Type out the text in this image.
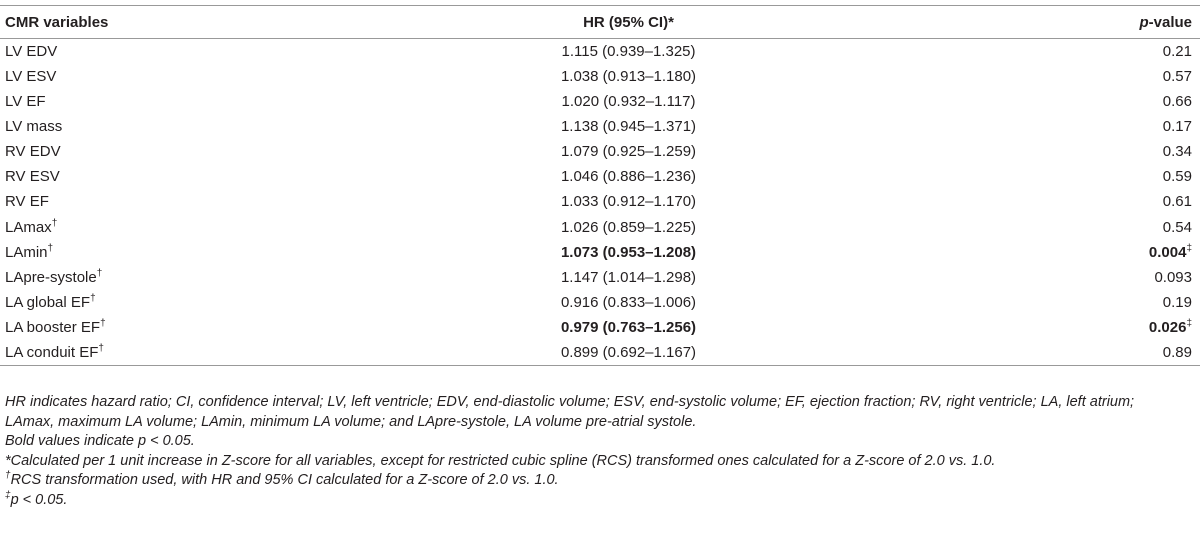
CMR variables	HR (95% CI)*	p-value
LV EDV	1.115 (0.939–1.325)	0.21
LV ESV	1.038 (0.913–1.180)	0.57
LV EF	1.020 (0.932–1.117)	0.66
LV mass	1.138 (0.945–1.371)	0.17
RV EDV	1.079 (0.925–1.259)	0.34
RV ESV	1.046 (0.886–1.236)	0.59
RV EF	1.033 (0.912–1.170)	0.61
LAmax†	1.026 (0.859–1.225)	0.54
LAmin†	1.073 (0.953–1.208)	0.004‡
LApre-systole†	1.147 (1.014–1.298)	0.093
LA global EF†	0.916 (0.833–1.006)	0.19
LA booster EF†	0.979 (0.763–1.256)	0.026‡
LA conduit EF†	0.899 (0.692–1.167)	0.89
HR indicates hazard ratio; CI, confidence interval; LV, left ventricle; EDV, end-diastolic volume; ESV, end-systolic volume; EF, ejection fraction; RV, right ventricle; LA, left atrium; LAmax, maximum LA volume; LAmin, minimum LA volume; and LApre-systole, LA volume pre-atrial systole.
Bold values indicate p < 0.05.
*Calculated per 1 unit increase in Z-score for all variables, except for restricted cubic spline (RCS) transformed ones calculated for a Z-score of 2.0 vs. 1.0.
†RCS transformation used, with HR and 95% CI calculated for a Z-score of 2.0 vs. 1.0.
‡p < 0.05.
